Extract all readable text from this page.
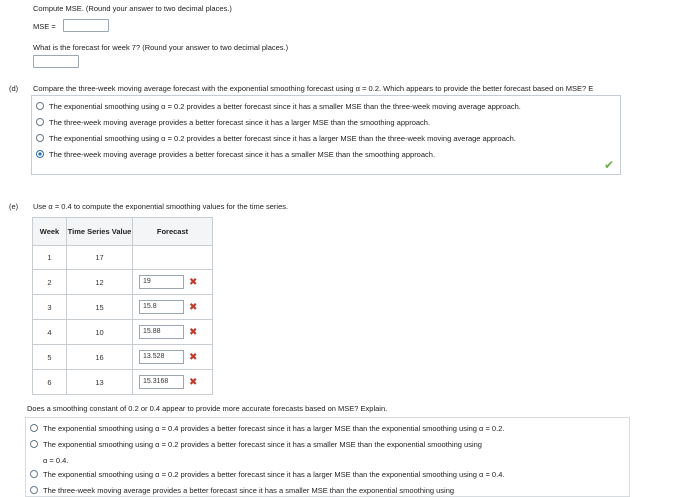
Compute MSE. (Round your answer to two decimal places.)
MSE =
What is the forecast for week 7? (Round your answer to two decimal places.)
(d) Compare the three-week moving average forecast with the exponential smoothing forecast using α = 0.2. Which appears to provide the better forecast based on MSE? E
The exponential smoothing using α = 0.2 provides a better forecast since it has a smaller MSE than the three-week moving average approach.
The three-week moving average provides a better forecast since it has a larger MSE than the smoothing approach.
The exponential smoothing using α = 0.2 provides a better forecast since it has a larger MSE than the three-week moving average approach.
The three-week moving average provides a better forecast since it has a smaller MSE than the smoothing approach.
✔
(e) Use α = 0.4 to compute the exponential smoothing values for the time series.
Week	Time Series Value	Forecast
1	17	
2	12	19 ✖
3	15	15.8 ✖
4	10	15.88 ✖
5	16	13.528 ✖
6	13	15.3168 ✖
Does a smoothing constant of 0.2 or 0.4 appear to provide more accurate forecasts based on MSE? Explain.
The exponential smoothing using α = 0.4 provides a better forecast since it has a larger MSE than the exponential smoothing using α = 0.2.
The exponential smoothing using α = 0.2 provides a better forecast since it has a smaller MSE than the exponential smoothing using
α = 0.4.
The exponential smoothing using α = 0.2 provides a better forecast since it has a larger MSE than the exponential smoothing using α = 0.4.
The three-week moving average provides a better forecast since it has a smaller MSE than the exponential smoothing using
